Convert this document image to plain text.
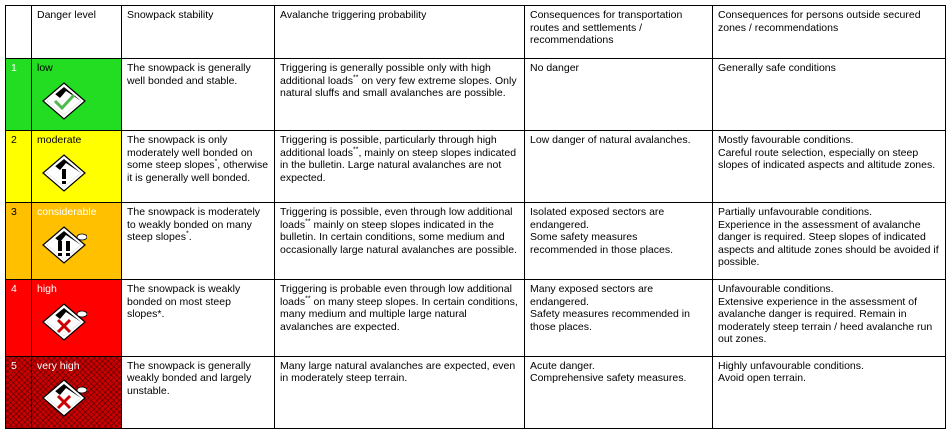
	Danger level	Snowpack stability	Avalanche triggering probability	Consequences for transportation routes and settlements / recommendations	Consequences for persons outside secured zones / recommendations
1	low	The snowpack is generally well bonded and stable.	Triggering is generally possible only with high additional loads** on very few extreme slopes. Only natural sluffs and small avalanches are possible.	No danger	Generally safe conditions

2	moderate	The snowpack is only moderately well bonded on some steep slopes*, otherwise it is generally well bonded.	Triggering is possible, particularly through high additional loads**, mainly on steep slopes indicated in the bulletin. Large natural avalanches are not expected.	Low danger of natural avalanches.	Mostly favourable conditions.
Careful route selection, especially on steep slopes of indicated aspects and altitude zones.

3	considerable	The snowpack is moderately to weakly bonded on many steep slopes*.	Triggering is possible, even through low additional loads** mainly on steep slopes indicated in the bulletin. In certain conditions, some medium and occasionally large natural avalanches are possible.	Isolated exposed sectors are endangered.
Some safety measures recommended in those places.	Partially unfavourable conditions.
Experience in the assessment of avalanche danger is required. Steep slopes of indicated aspects and altitude zones should be avoided if possible.

4	high	The snowpack is weakly bonded on most steep slopes*.	Triggering is probable even through low additional loads** on many steep slopes. In certain conditions, many medium and multiple large natural avalanches are expected.	Many exposed sectors are endangered.
Safety measures recommended in those places.	Unfavourable conditions.
Extensive experience in the assessment of avalanche danger is required. Remain in moderately steep terrain / heed avalanche run out zones.

5	very high	The snowpack is generally weakly bonded and largely unstable.	Many large natural avalanches are expected, even in moderately steep terrain.	Acute danger.
Comprehensive safety measures.	Highly unfavourable conditions.
Avoid open terrain.
